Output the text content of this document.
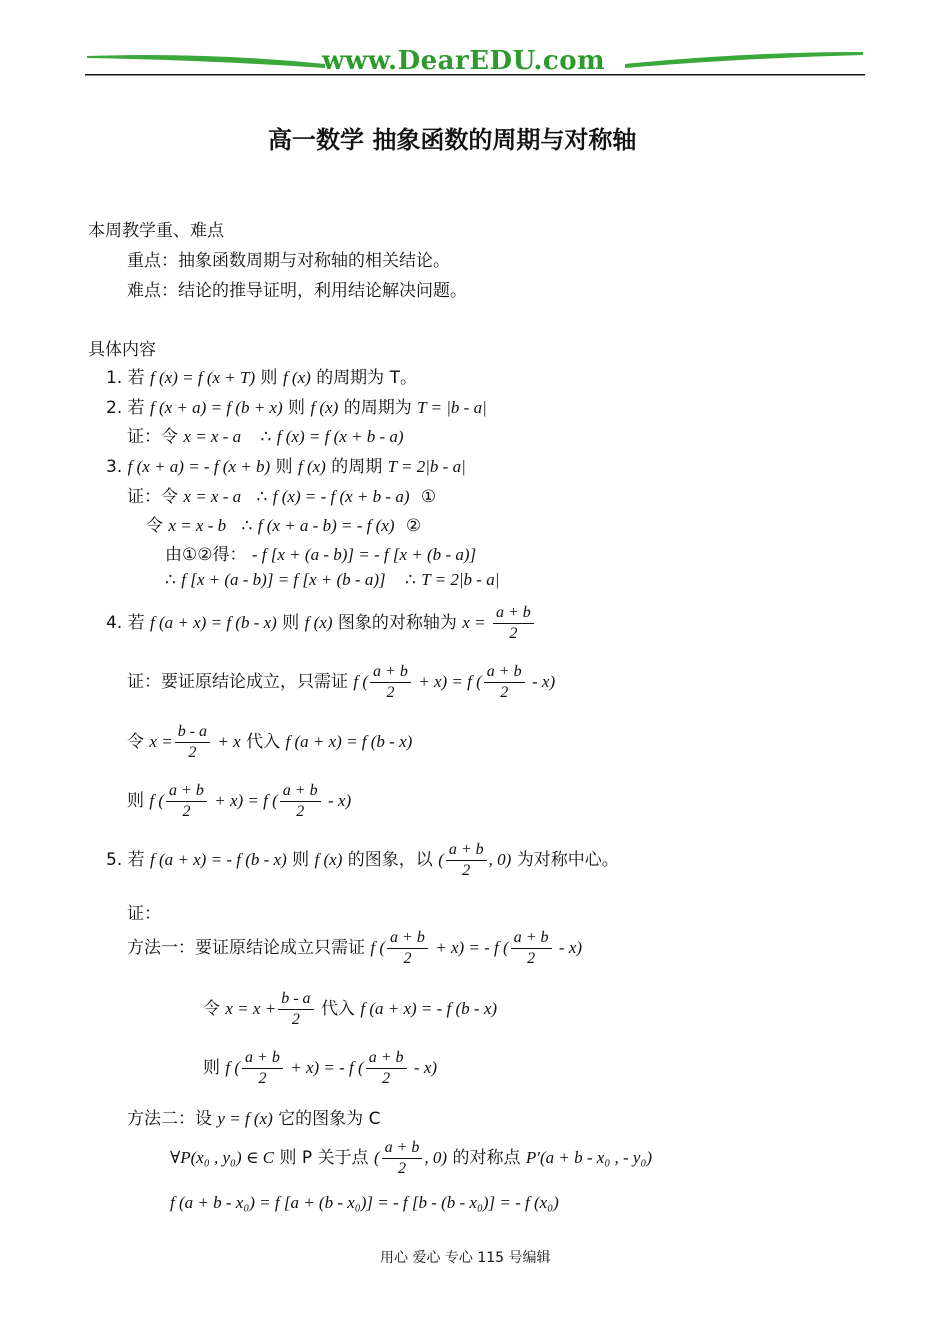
www.DearEDU.com
高一数学 抽象函数的周期与对称轴
本周教学重、难点
重点：抽象函数周期与对称轴的相关结论。
难点：结论的推导证明，利用结论解决问题。
具体内容
1. 若 f (x) = f (x + T) 则 f (x) 的周期为 T。
2. 若 f (x + a) = f (b + x) 则 f (x) 的周期为 T = |b - a|
证：令 x = x - a ∴ f (x) = f (x + b - a)
3. f (x + a) = - f (x + b) 则 f (x) 的周期 T = 2|b - a|
证：令 x = x - a ∴ f (x) = - f (x + b - a) ①
令 x = x - b ∴ f (x + a - b) = - f (x) ②
由①②得： - f [x + (a - b)] = - f [x + (b - a)]
∴ f [x + (a - b)] = f [x + (b - a)] ∴ T = 2|b - a|
4. 若 f (a + x) = f (b - x) 则 f (x) 图象的对称轴为 $x = \frac{a + b}{2}$
证：要证原结论成立，只需证 f ( $\frac{a + b}{2} + x) = f$ ( $\frac{a + b}{2} - x$)
令 $x = \frac{b - a}{2} + x$ 代入 f (a + x) = f (b - x)
则 f ( $\frac{a + b}{2} + x) = f$ ( $\frac{a + b}{2} - x$)
5. 若 f (a + x) = - f (b - x) 则 f (x) 的图象，以 ( $\frac{a + b}{2}$ , 0) 为对称中心。
证：
方法一：要证原结论成立只需证 f ( $\frac{a + b}{2} + x$) = - f ( $\frac{a + b}{2} - x$)
令 $x = x + \frac{b - a}{2}$ 代入 f (a + x) = - f (b - x)
则 f ( $\frac{a + b}{2} + x$) = - f ( $\frac{a + b}{2} - x$)
方法二：设 y = f (x) 它的图象为 C
∀P(x₀ , y₀) ∈ C 则 P 关于点 ( $\frac{a + b}{2}$ , 0) 的对称点 P′(a + b - x₀ , - y₀)
f (a + b - x₀) = f [a + (b - x₀)] = - f [b - (b - x₀)] = - f (x₀)
用心 爱心 专心 115 号编辑
